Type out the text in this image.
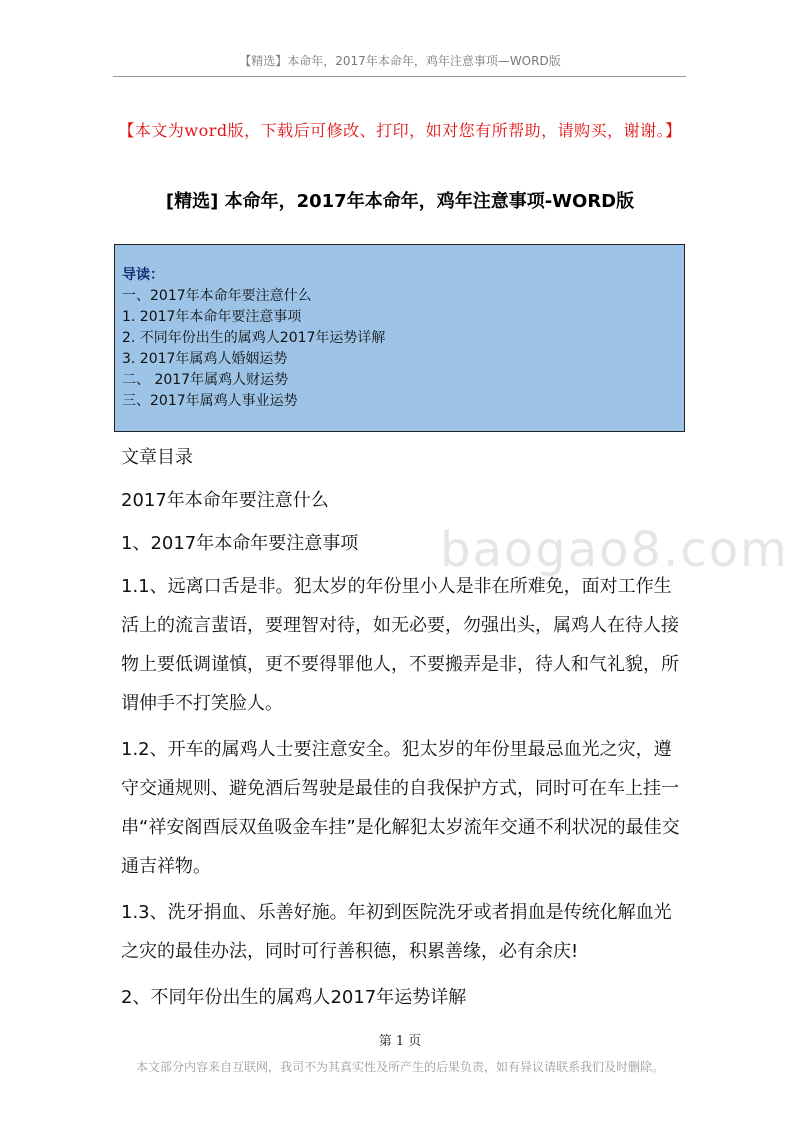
【精选】本命年，2017年本命年，鸡年注意事项—WORD版
【本文为word版，下载后可修改、打印，如对您有所帮助，请购买，谢谢。】
[精选] 本命年，2017年本命年，鸡年注意事项-WORD版
导读：
一、2017年本命年要注意什么
1. 2017年本命年要注意事项
2. 不同年份出生的属鸡人2017年运势详解
3. 2017年属鸡人婚姻运势
二、 2017年属鸡人财运势
三、2017年属鸡人事业运势
baogao8.com

文章目录

2017年本命年要注意什么

1、2017年本命年要注意事项

1.1、远离口舌是非。犯太岁的年份里小人是非在所难免，面对工作生活上的流言蜚语，要理智对待，如无必要，勿强出头，属鸡人在待人接物上要低调谨慎，更不要得罪他人，不要搬弄是非，待人和气礼貌，所谓伸手不打笑脸人。

1.2、开车的属鸡人士要注意安全。犯太岁的年份里最忌血光之灾，遵守交通规则、避免酒后驾驶是最佳的自我保护方式，同时可在车上挂一串“祥安阁酉辰双鱼吸金车挂”是化解犯太岁流年交通不利状况的最佳交通吉祥物。

1.3、洗牙捐血、乐善好施。年初到医院洗牙或者捐血是传统化解血光之灾的最佳办法，同时可行善积德，积累善缘，必有余庆!

2、不同年份出生的属鸡人2017年运势详解

第 1 页
本文部分内容来自互联网，我司不为其真实性及所产生的后果负责，如有异议请联系我们及时删除。
